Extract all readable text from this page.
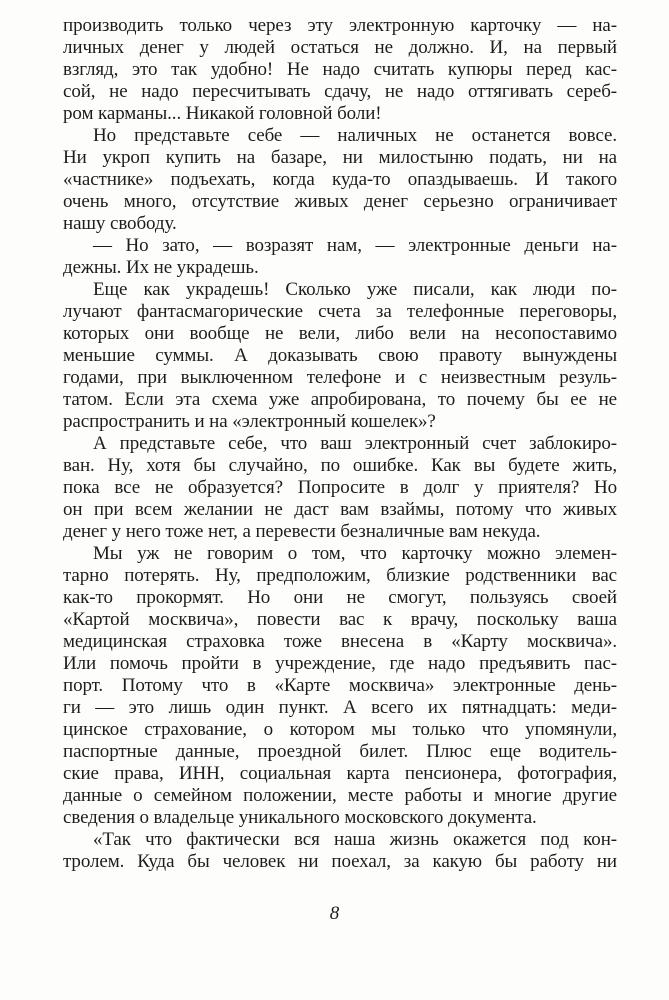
производить только через эту электронную карточку — на-
личных денег у людей остаться не должно. И, на первый
взгляд, это так удобно! Не надо считать купюры перед кас-
сой, не надо пересчитывать сдачу, не надо оттягивать сереб-
ром карманы... Никакой головной боли!
Но представьте себе — наличных не останется вовсе.
Ни укроп купить на базаре, ни милостыню подать, ни на
«частнике» подъехать, когда куда-то опаздываешь. И такого
очень много, отсутствие живых денег серьезно ограничивает
нашу свободу.
— Но зато, — возразят нам, — электронные деньги на-
дежны. Их не украдешь.
Еще как украдешь! Сколько уже писали, как люди по-
лучают фантасмагорические счета за телефонные переговоры,
которых они вообще не вели, либо вели на несопоставимо
меньшие суммы. А доказывать свою правоту вынуждены
годами, при выключенном телефоне и с неизвестным резуль-
татом. Если эта схема уже апробирована, то почему бы ее не
распространить и на «электронный кошелек»?
А представьте себе, что ваш электронный счет заблокиро-
ван. Ну, хотя бы случайно, по ошибке. Как вы будете жить,
пока все не образуется? Попросите в долг у приятеля? Но
он при всем желании не даст вам взаймы, потому что живых
денег у него тоже нет, а перевести безналичные вам некуда.
Мы уж не говорим о том, что карточку можно элемен-
тарно потерять. Ну, предположим, близкие родственники вас
как-то прокормят. Но они не смогут, пользуясь своей
«Картой москвича», повести вас к врачу, поскольку ваша
медицинская страховка тоже внесена в «Карту москвича».
Или помочь пройти в учреждение, где надо предъявить пас-
порт. Потому что в «Карте москвича» электронные день-
ги — это лишь один пункт. А всего их пятнадцать: меди-
цинское страхование, о котором мы только что упомянули,
паспортные данные, проездной билет. Плюс еще водитель-
ские права, ИНН, социальная карта пенсионера, фотография,
данные о семейном положении, месте работы и многие другие
сведения о владельце уникального московского документа.
«Так что фактически вся наша жизнь окажется под кон-
тролем. Куда бы человек ни поехал, за какую бы работу ни
8
